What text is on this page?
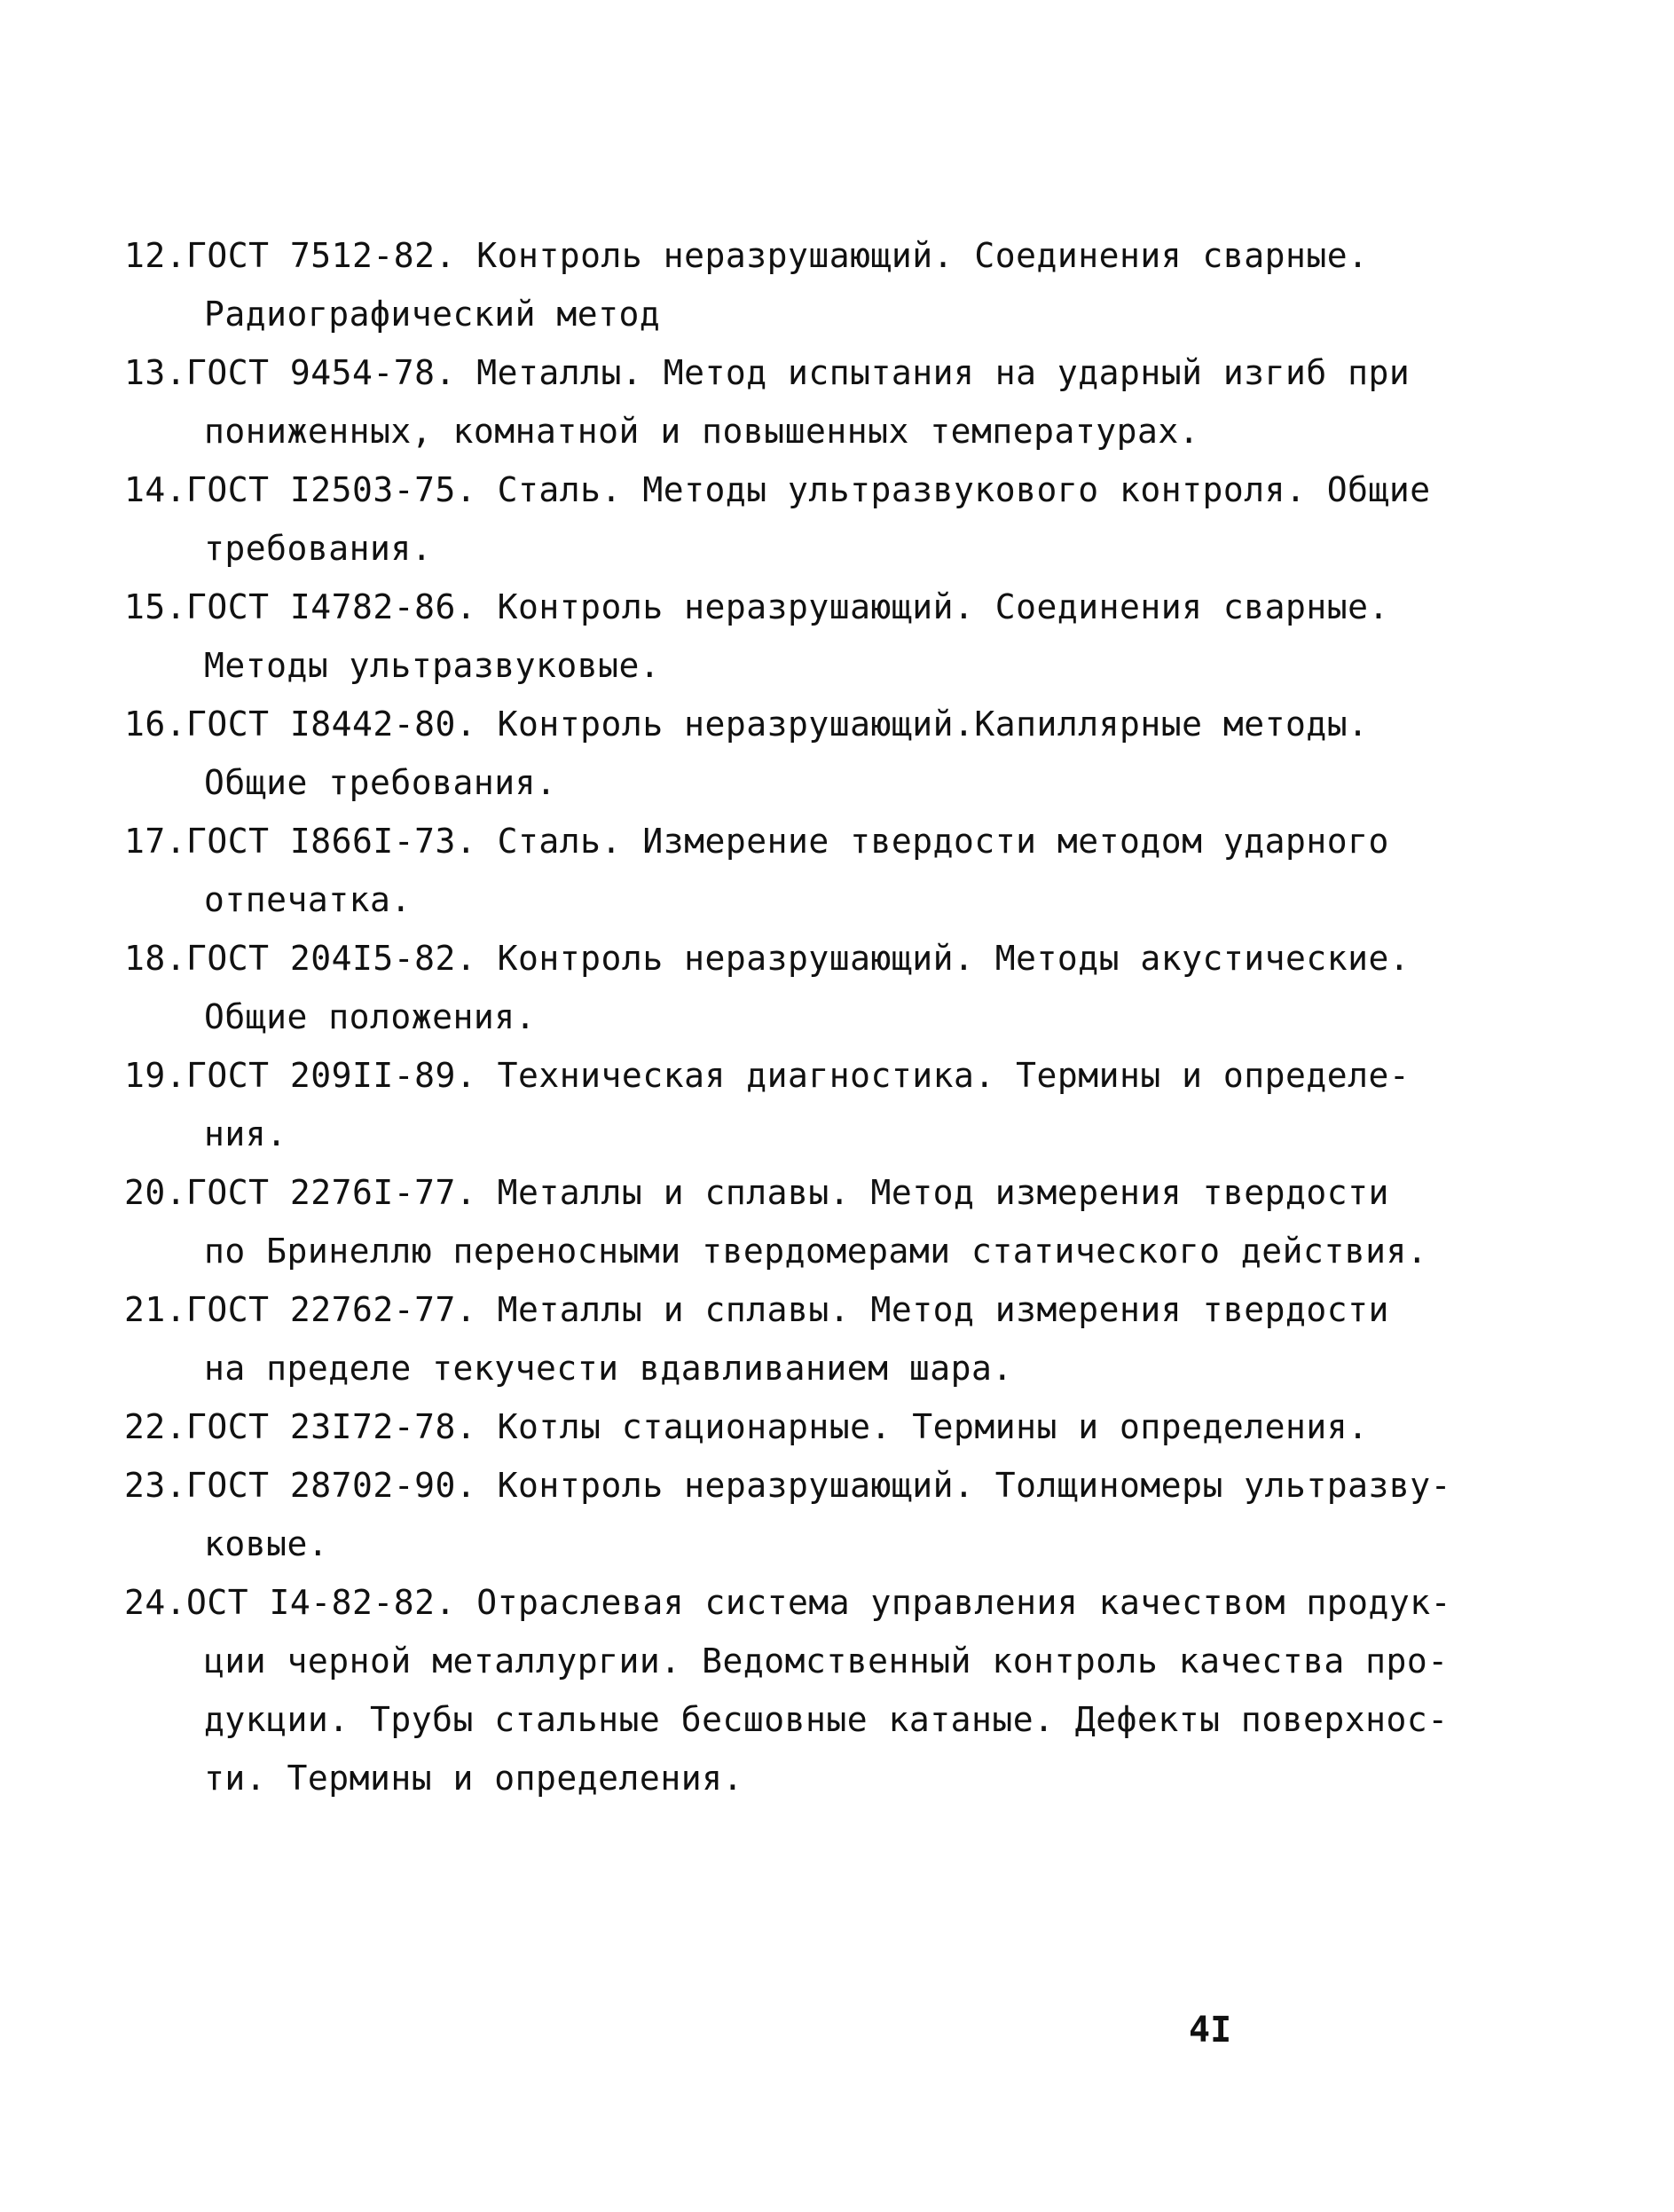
12.ГОСТ 7512-82. Контроль неразрушающий. Соединения сварные.
Радиографический метод
13.ГОСТ 9454-78. Металлы. Метод испытания на ударный изгиб при
пониженных, комнатной и повышенных температурах.
14.ГОСТ I2503-75. Сталь. Методы ультразвукового контроля. Общие
требования.
15.ГОСТ I4782-86. Контроль неразрушающий. Соединения сварные.
Методы ультразвуковые.
16.ГОСТ I8442-80. Контроль неразрушающий.Капиллярные методы.
Общие требования.
17.ГОСТ I866I-73. Сталь. Измерение твердости методом ударного
отпечатка.
18.ГОСТ 204I5-82. Контроль неразрушающий. Методы акустические.
Общие положения.
19.ГОСТ 209II-89. Техническая диагностика. Термины и определе-
ния.
20.ГОСТ 2276I-77. Металлы и сплавы. Метод измерения твердости
по Бринеллю переносными твердомерами статического действия.
21.ГОСТ 22762-77. Металлы и сплавы. Метод измерения твердости
на пределе текучести вдавливанием шара.
22.ГОСТ 23I72-78. Котлы стационарные. Термины и определения.
23.ГОСТ 28702-90. Контроль неразрушающий. Толщиномеры ультразву-
ковые.
24.ОСТ I4-82-82. Отраслевая система управления качеством продук-
ции черной металлургии. Ведомственный контроль качества про-
дукции. Трубы стальные бесшовные катаные. Дефекты поверхнос-
ти. Термины и определения.
4I
